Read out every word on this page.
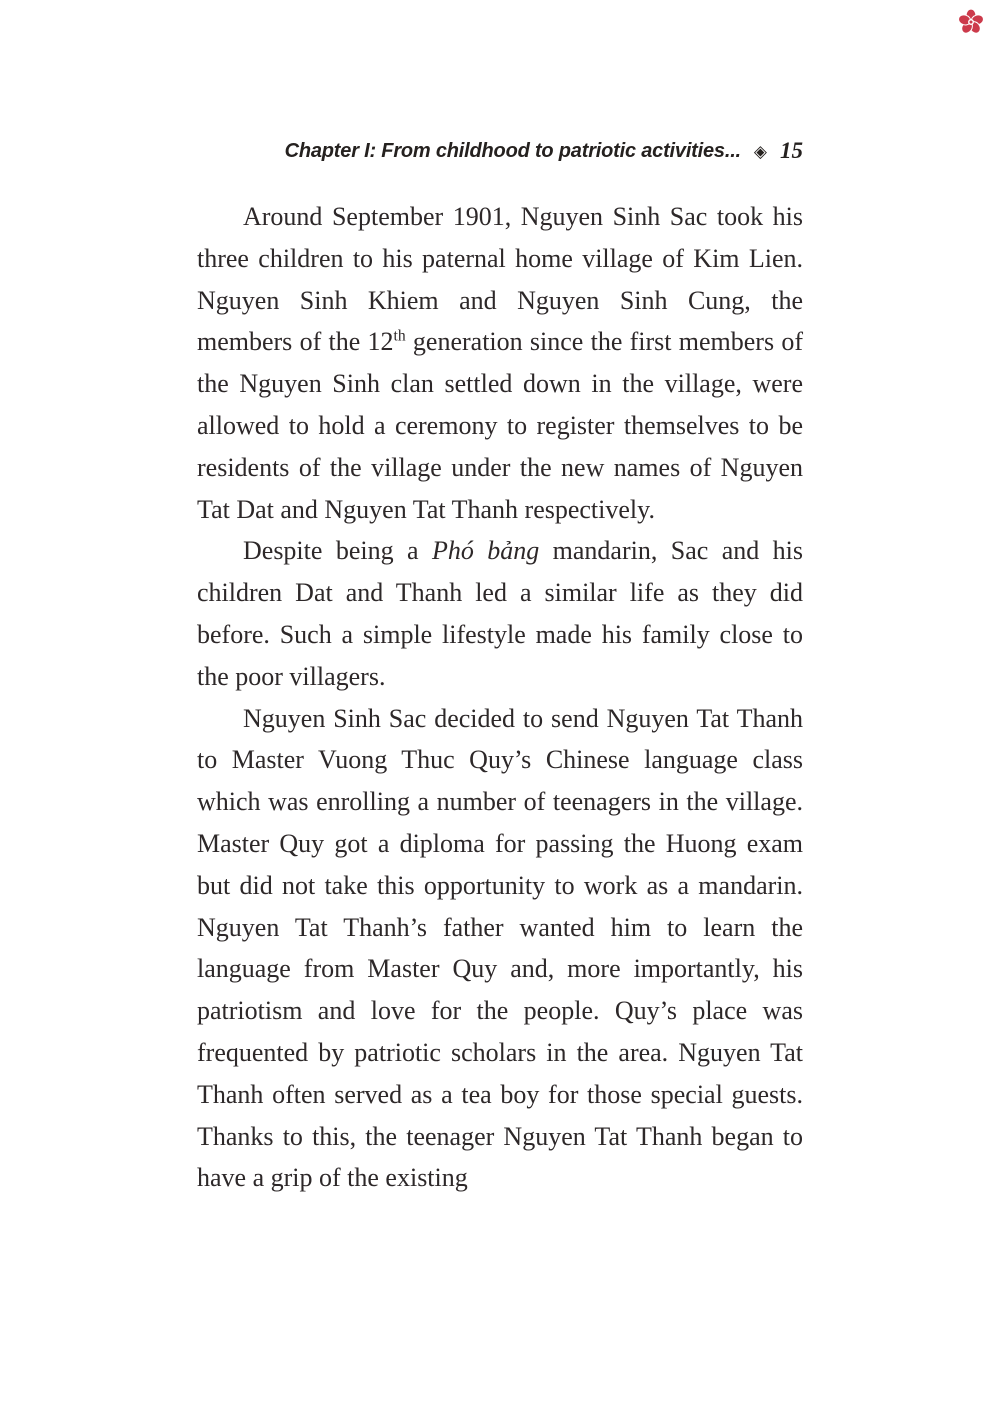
Chapter I: From childhood to patriotic activities... ◈ 15

Around September 1901, Nguyen Sinh Sac took his three children to his paternal home village of Kim Lien. Nguyen Sinh Khiem and Nguyen Sinh Cung, the members of the 12th generation since the first members of the Nguyen Sinh clan settled down in the village, were allowed to hold a ceremony to register themselves to be residents of the village under the new names of Nguyen Tat Dat and Nguyen Tat Thanh respectively.

Despite being a Phó bảng mandarin, Sac and his children Dat and Thanh led a similar life as they did before. Such a simple lifestyle made his family close to the poor villagers.

Nguyen Sinh Sac decided to send Nguyen Tat Thanh to Master Vuong Thuc Quy’s Chinese language class which was enrolling a number of teenagers in the village. Master Quy got a diploma for passing the Huong exam but did not take this opportunity to work as a mandarin. Nguyen Tat Thanh’s father wanted him to learn the language from Master Quy and, more importantly, his patriotism and love for the people. Quy’s place was frequented by patriotic scholars in the area. Nguyen Tat Thanh often served as a tea boy for those special guests. Thanks to this, the teenager Nguyen Tat Thanh began to have a grip of the existing
